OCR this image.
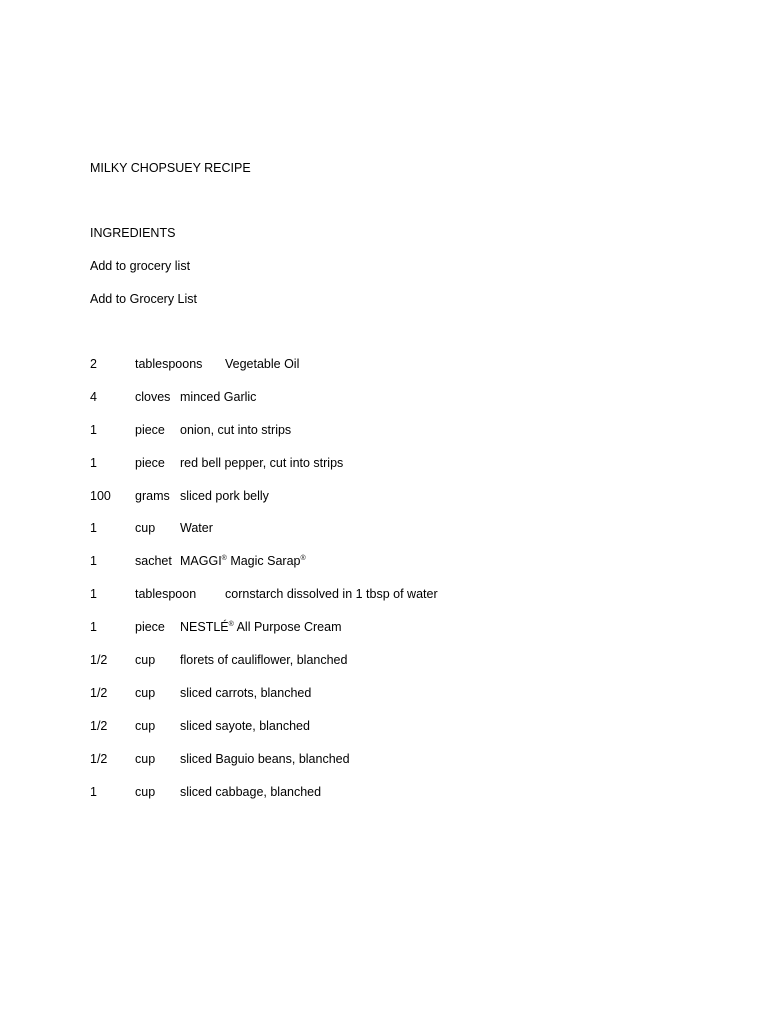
MILKY CHOPSUEY RECIPE
INGREDIENTS
Add to grocery list
Add to Grocery List
2	tablespoons Vegetable Oil
4	cloves minced Garlic
1	piece onion, cut into strips
1	piece red bell pepper, cut into strips
100 grams sliced pork belly
1	cup Water
1	sachet MAGGI® Magic Sarap®
1	tablespoon cornstarch dissolved in 1 tbsp of water
1	piece NESTLÉ® All Purpose Cream
1/2 cup florets of cauliflower, blanched
1/2 cup sliced carrots, blanched
1/2 cup sliced sayote, blanched
1/2 cup sliced Baguio beans, blanched
1	cup sliced cabbage, blanched
